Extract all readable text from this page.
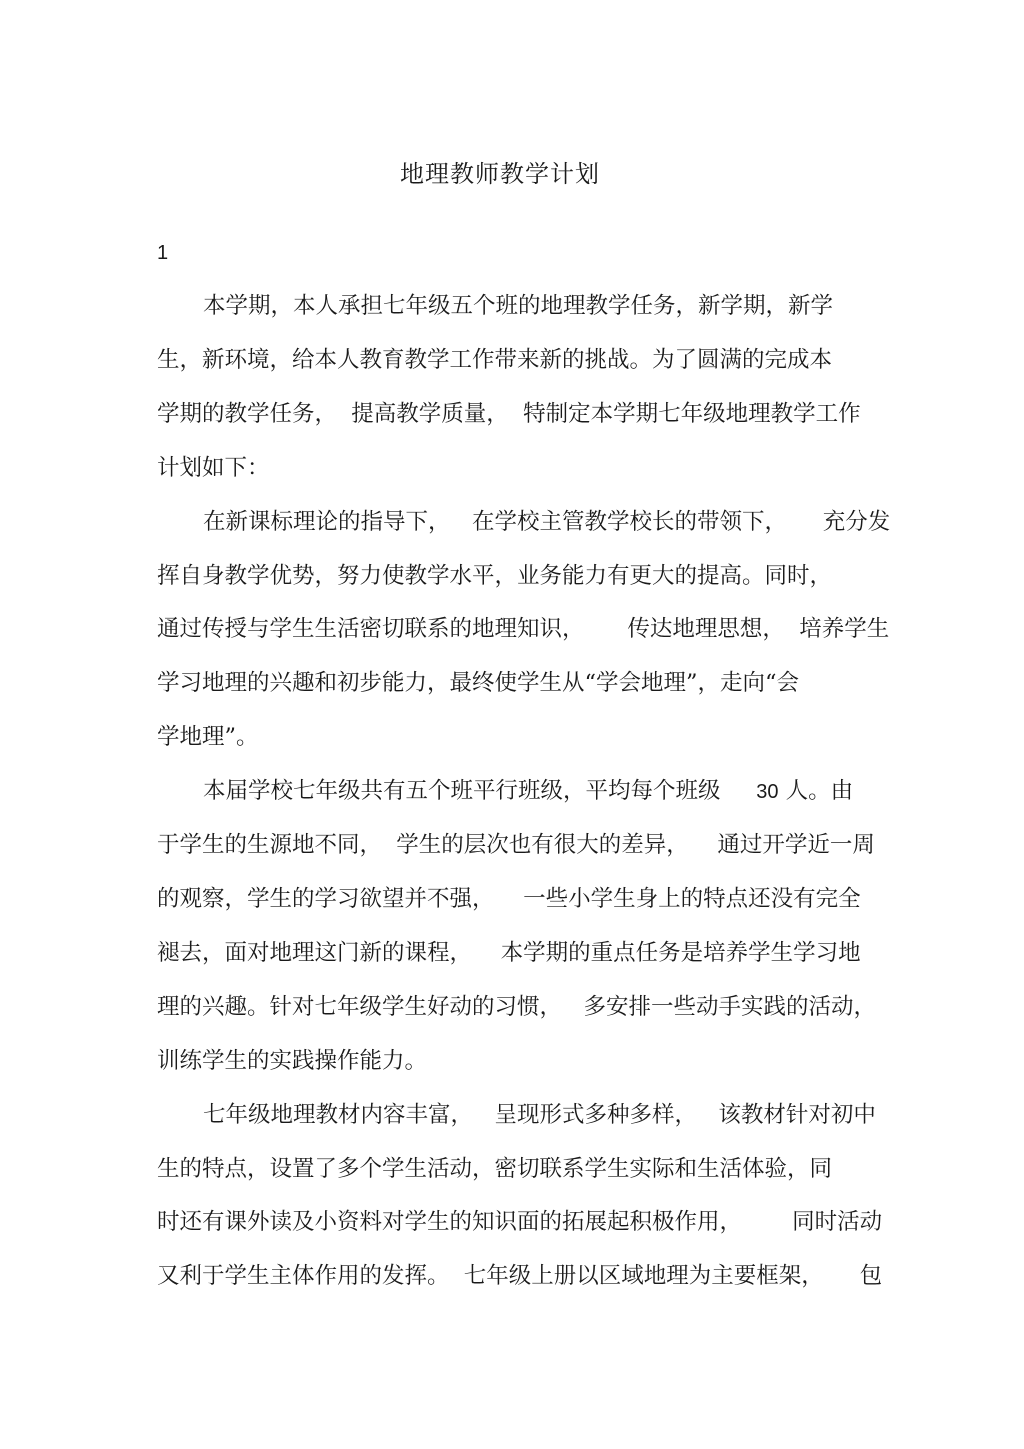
地理教师教学计划
1
本学期，本人承担七年级五个班的地理教学任务，新学期，新学
生，新环境，给本人教育教学工作带来新的挑战。为了圆满的完成本
学期的教学任务，  提高教学质量，  特制定本学期七年级地理教学工作
计划如下：
在新课标理论的指导下，   在学校主管教学校长的带领下，     充分发
挥自身教学优势，努力使教学水平，业务能力有更大的提高。同时，
通过传授与学生生活密切联系的地理知识，      传达地理思想，  培养学生
学习地理的兴趣和初步能力，最终使学生从“学会地理”，走向“会
学地理”。
本届学校七年级共有五个班平行班级，平均每个班级     30 人。由
于学生的生源地不同，  学生的层次也有很大的差异，    通过开学近一周
的观察，学生的学习欲望并不强，    一些小学生身上的特点还没有完全
褪去，面对地理这门新的课程，    本学期的重点任务是培养学生学习地
理的兴趣。针对七年级学生好动的习惯，   多安排一些动手实践的活动，
训练学生的实践操作能力。
七年级地理教材内容丰富，   呈现形式多种多样，   该教材针对初中
生的特点，设置了多个学生活动，密切联系学生实际和生活体验，同
时还有课外读及小资料对学生的知识面的拓展起积极作用，       同时活动
又利于学生主体作用的发挥。  七年级上册以区域地理为主要框架，     包
